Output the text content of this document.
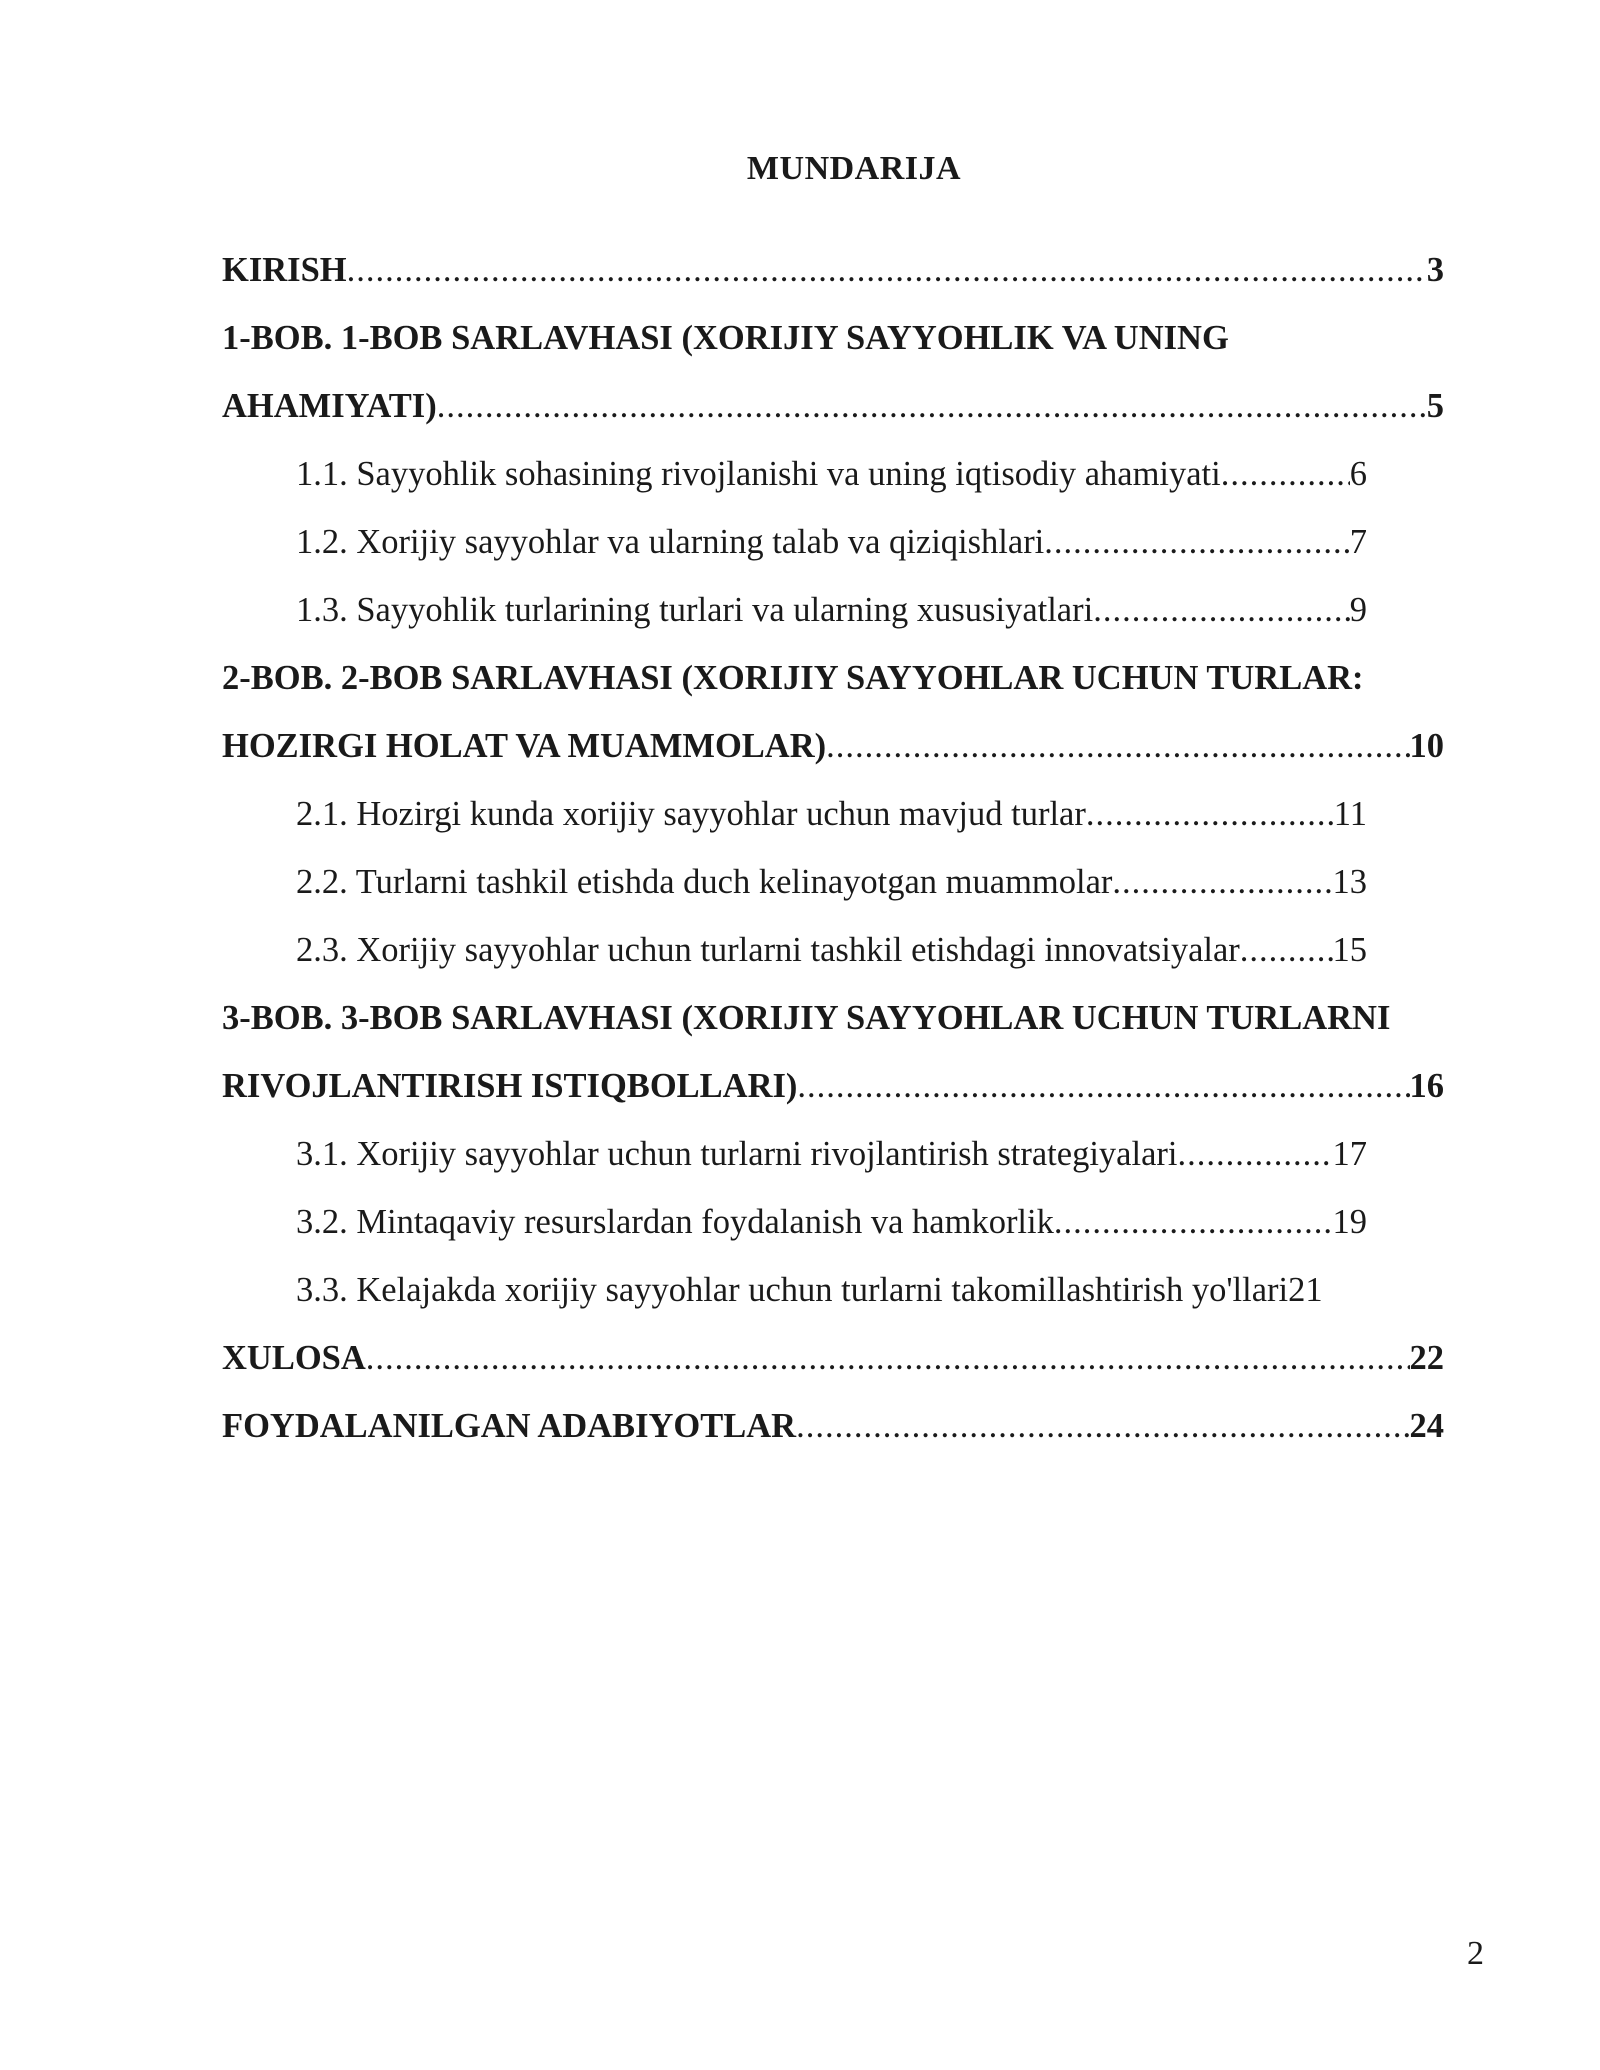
MUNDARIJA
KIRISH .....	3
1-BOB. 1-BOB SARLAVHASI (XORIJIY SAYYOHLIK VA UNING
AHAMIYATI) .....	5
1.1. Sayyohlik sohasining rivojlanishi va uning iqtisodiy ahamiyati .....	6
1.2. Xorijiy sayyohlar va ularning talab va qiziqishlari .....	7
1.3. Sayyohlik turlarining turlari va ularning xususiyatlari .....	9
2-BOB. 2-BOB SARLAVHASI (XORIJIY SAYYOHLAR UCHUN TURLAR:
HOZIRGI HOLAT VA MUAMMOLAR) .....	10
2.1. Hozirgi kunda xorijiy sayyohlar uchun mavjud turlar .....	11
2.2. Turlarni tashkil etishda duch kelinayotgan muammolar .....	13
2.3. Xorijiy sayyohlar uchun turlarni tashkil etishdagi innovatsiyalar .....	15
3-BOB. 3-BOB SARLAVHASI (XORIJIY SAYYOHLAR UCHUN TURLARNI
RIVOJLANTIRISH ISTIQBOLLARI) .....	16
3.1. Xorijiy sayyohlar uchun turlarni rivojlantirish strategiyalari .....	17
3.2. Mintaqaviy resurslardan foydalanish va hamkorlik .....	19
3.3. Kelajakda xorijiy sayyohlar uchun turlarni takomillashtirish yo'llari21
XULOSA .....	22
FOYDALANILGAN ADABIYOTLAR .....	24
2
